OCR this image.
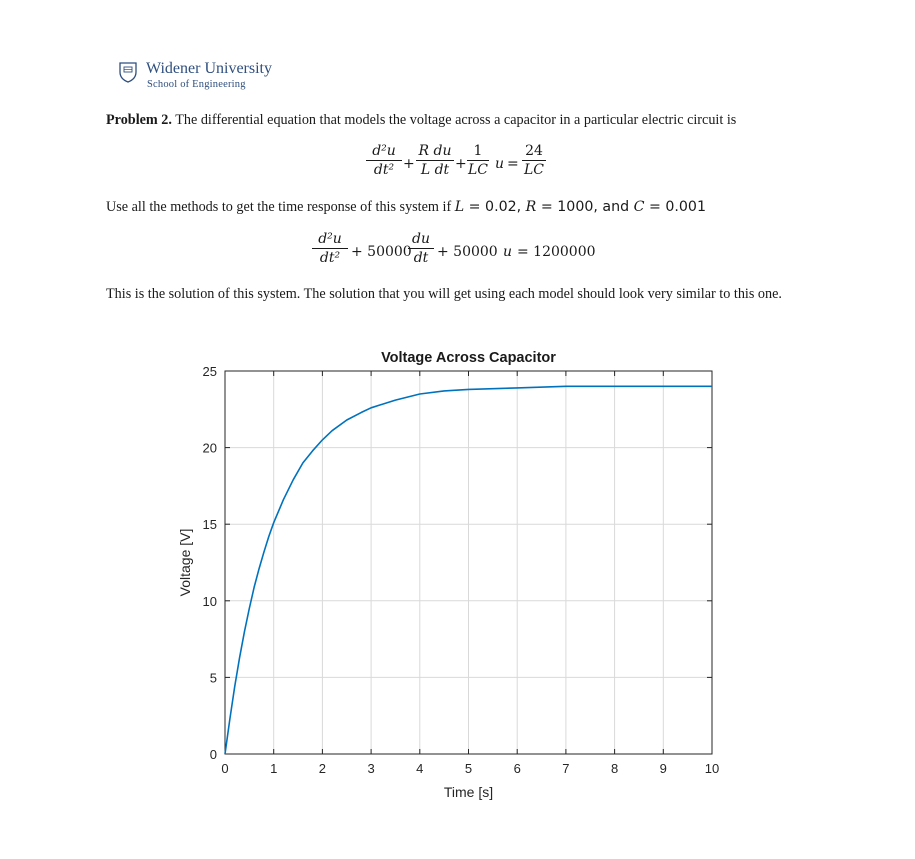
Widener University
School of Engineering
Problem 2. The differential equation that models the voltage across a capacitor in a particular electric circuit is
$\frac{\text{d²u}}{\text{dt²}} + \frac{\text{R du}}{\text{L dt}} + \frac{1}{LC}$ $u = \frac{24}{LC}$
Use all the methods to get the time response of this system if L = 0.02, R = 1000, and C = 0.001
$\frac{\text{d²u}}{\text{dt²}} + 50000$
$\frac{du}{dt} + 50000$ u = 1200000
This is the solution of this system. The solution that you will get using each model should look very similar to this one.
0	1	2	3	4	5	6	7	8	9	10
0
5
10
15
20
25
Voltage Across Capacitor
Time [s]
Voltage [V]
